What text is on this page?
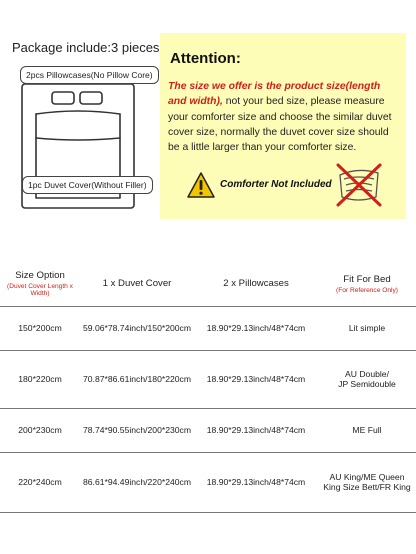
Package include:3 pieces
2pcs Pillowcases(No Pillow Core)
1pc Duvet Cover(Without Filler)
Attention:
The size we offer is the product size(length and width), not your bed size, please measure your comforter size and choose the similar duvet cover size, normally the duvet cover size should be a little larger than your comforter size.
Comforter Not Included
Size Option
(Duvet Cover Length x Width)	1 x Duvet Cover	2 x Pillowcases	Fit For Bed
(For Reference Only)

150*200cm	59.06*78.74inch/150*200cm	18.90*29.13inch/48*74cm	Lit simple

180*220cm	70.87*86.61inch/180*220cm	18.90*29.13inch/48*74cm	AU Double/
JP Semidouble

200*230cm	78.74*90.55inch/200*230cm	18.90*29.13inch/48*74cm	ME Full

220*240cm	86.61*94.49inch/220*240cm	18.90*29.13inch/48*74cm	AU King/ME Queen
King Size Bett/FR King
